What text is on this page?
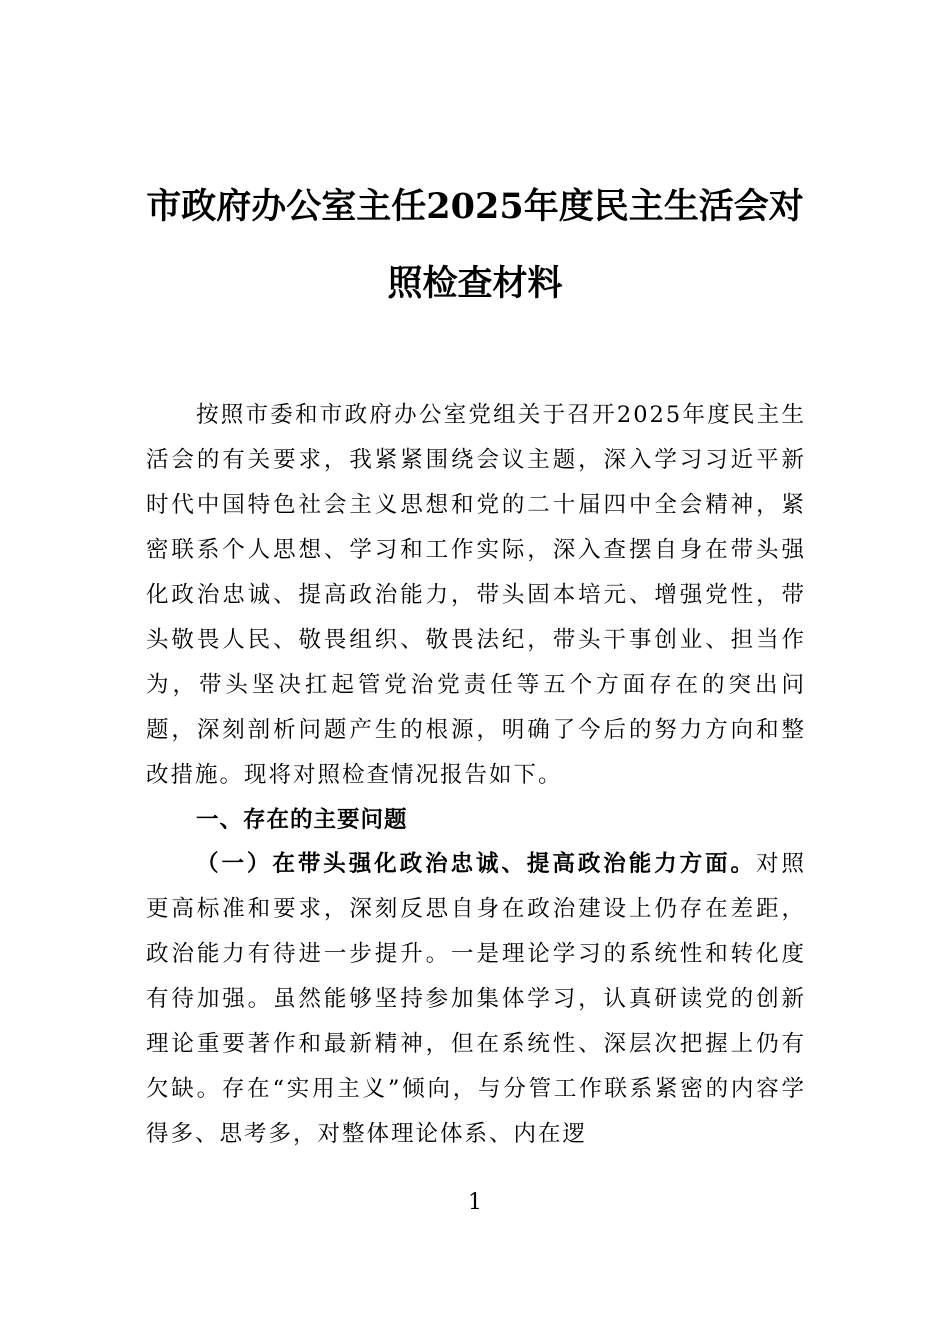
市政府办公室主任2025年度民主生活会对
照检查材料

按照市委和市政府办公室党组关于召开2025年度民主生活会的有关要求，我紧紧围绕会议主题，深入学习习近平新时代中国特色社会主义思想和党的二十届四中全会精神，紧密联系个人思想、学习和工作实际，深入查摆自身在带头强化政治忠诚、提高政治能力，带头固本培元、增强党性，带头敬畏人民、敬畏组织、敬畏法纪，带头干事创业、担当作为，带头坚决扛起管党治党责任等五个方面存在的突出问题，深刻剖析问题产生的根源，明确了今后的努力方向和整改措施。现将对照检查情况报告如下。

一、存在的主要问题

（一）在带头强化政治忠诚、提高政治能力方面。对照更高标准和要求，深刻反思自身在政治建设上仍存在差距，政治能力有待进一步提升。一是理论学习的系统性和转化度有待加强。虽然能够坚持参加集体学习，认真研读党的创新理论重要著作和最新精神，但在系统性、深层次把握上仍有欠缺。存在“实用主义”倾向，与分管工作联系紧密的内容学得多、思考多，对整体理论体系、内在逻

1
